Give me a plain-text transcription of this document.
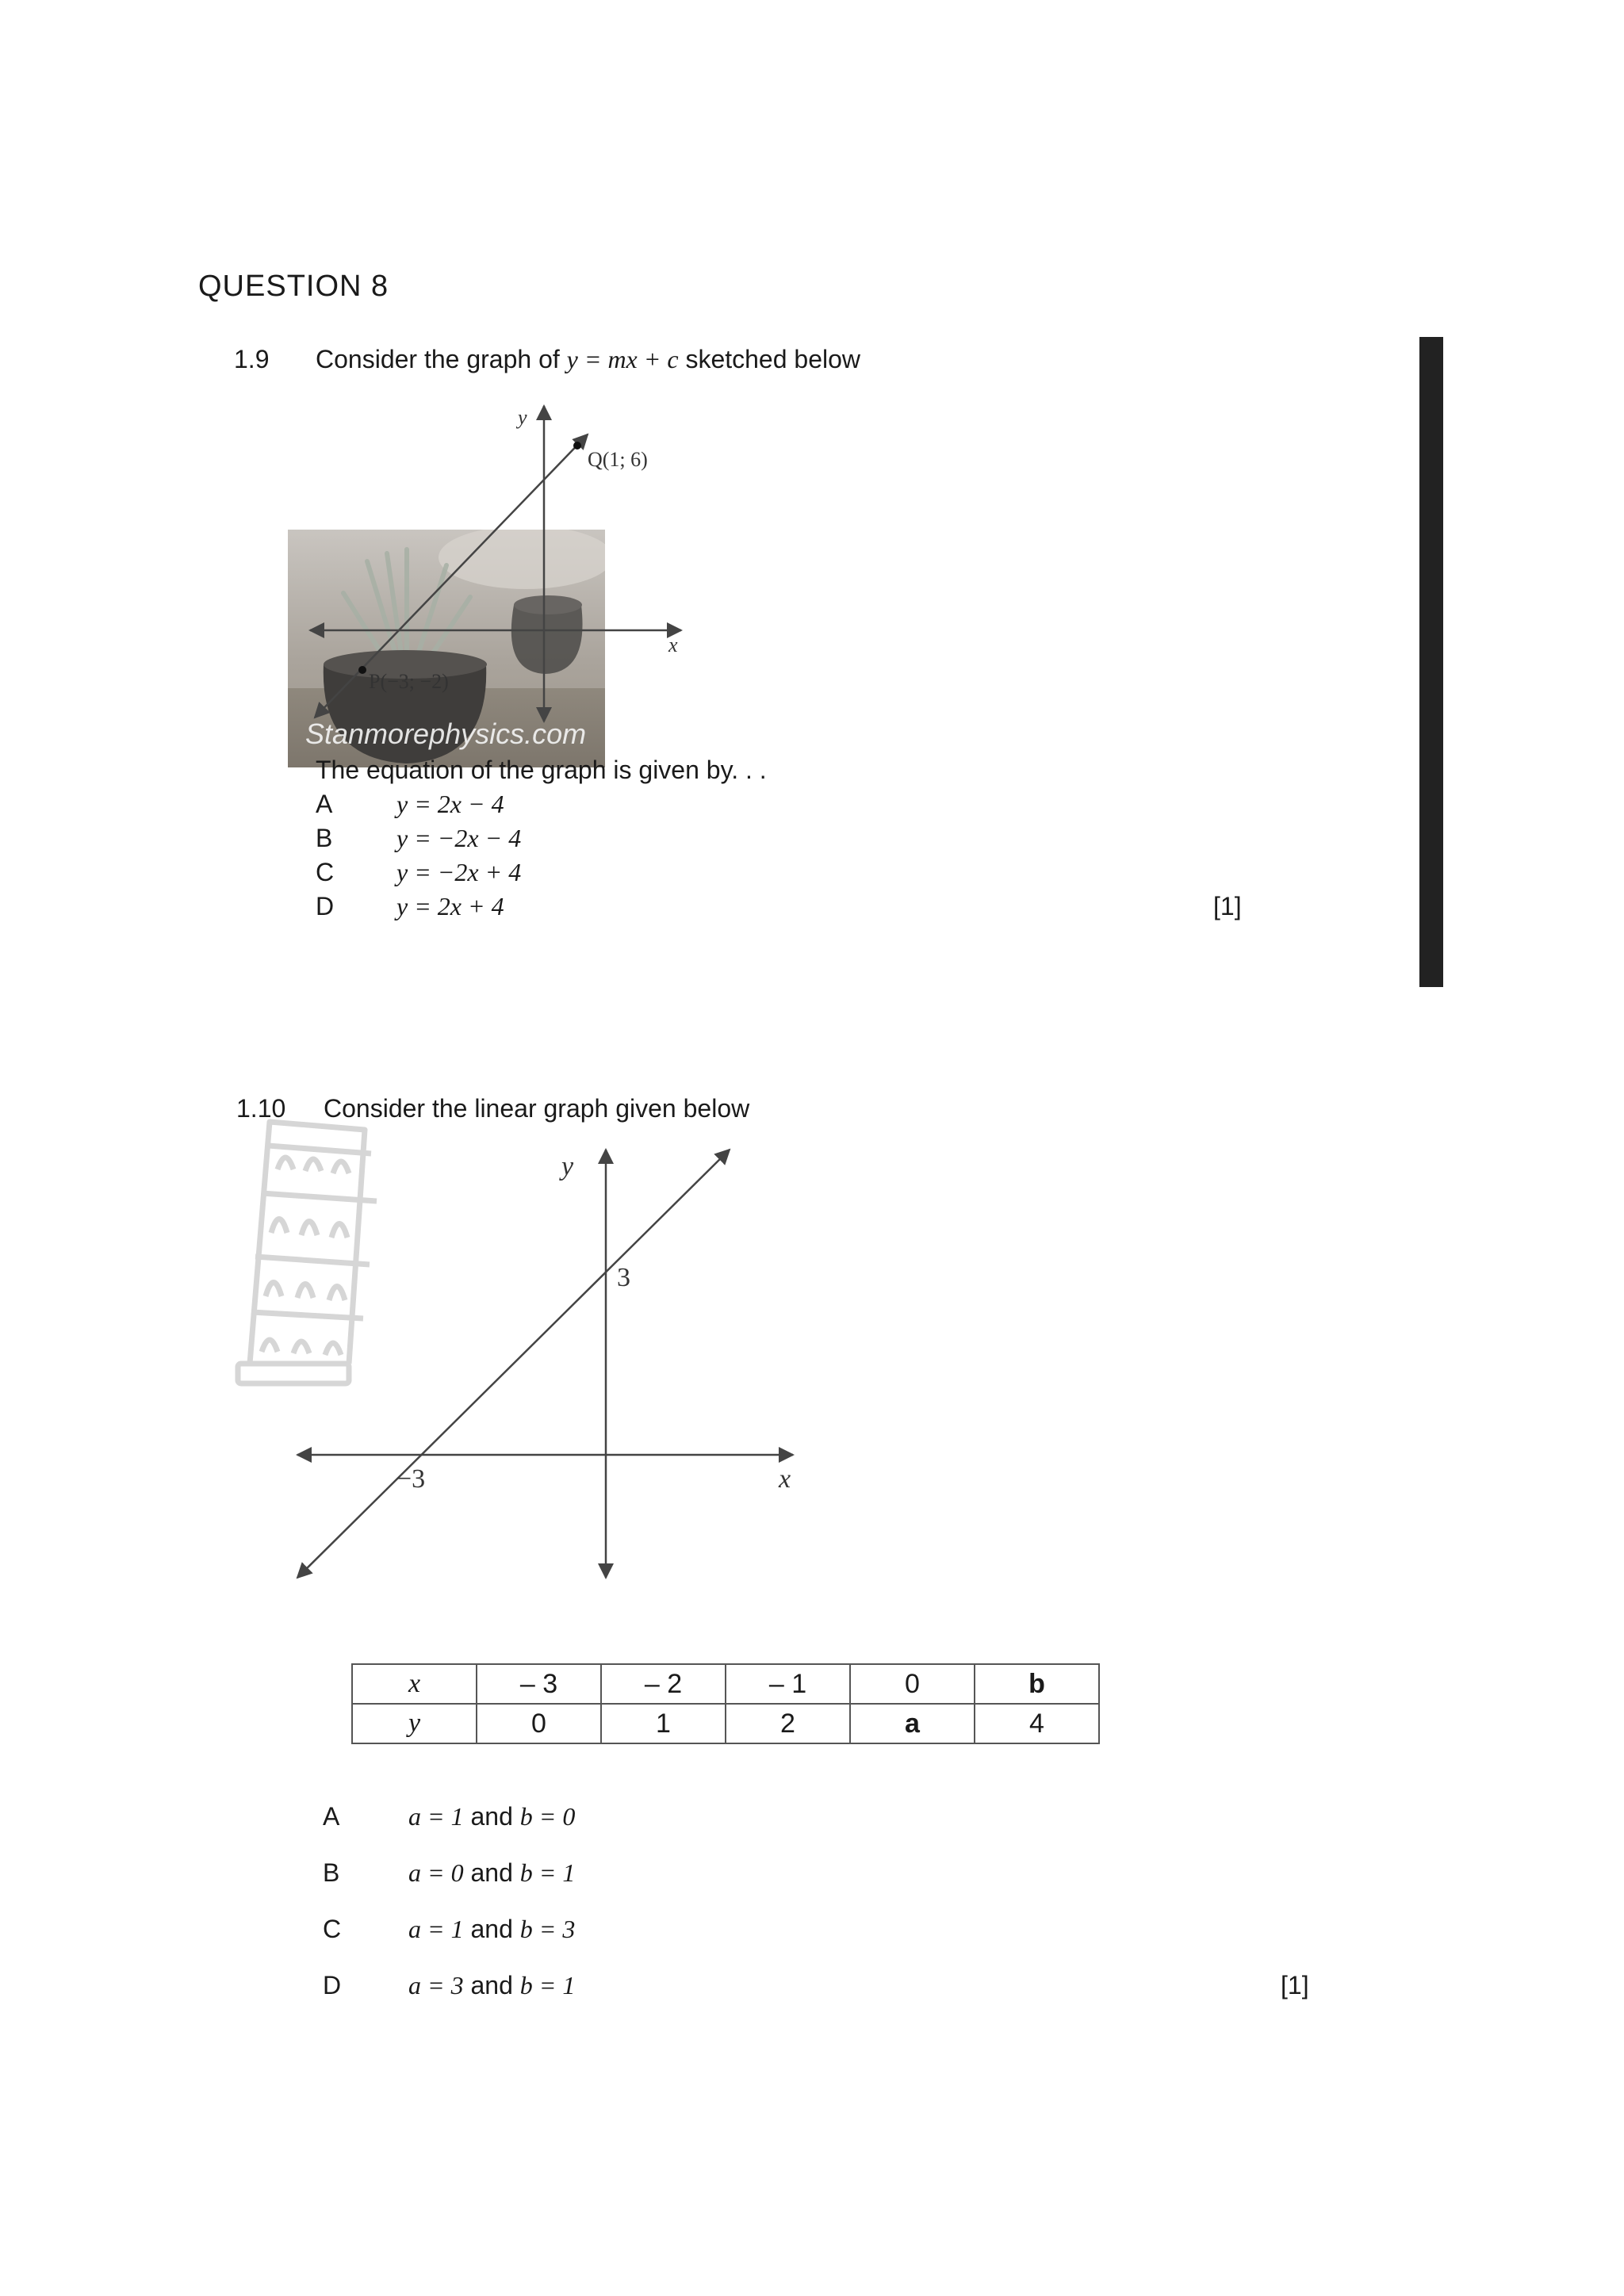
QUESTION 8
1.9 Consider the graph of y = mx + c sketched below
y
x
Q(1; 6)
P(−3; −2)
Stanmorephysics.com
The equation of the graph is given by. . .
A	y = 2x − 4
B	y = −2x − 4
C y = −2x + 4
D y = 2x + 4	[1]
1.10 Consider the linear graph given below
y
x
3
−3
x	– 3	– 2	– 1	0	b
y	0	1	2	a	4
A	a = 1 and b = 0
B	a = 0 and b = 1
C	a = 1 and b = 3
D	a = 3 and b = 1	[1]
